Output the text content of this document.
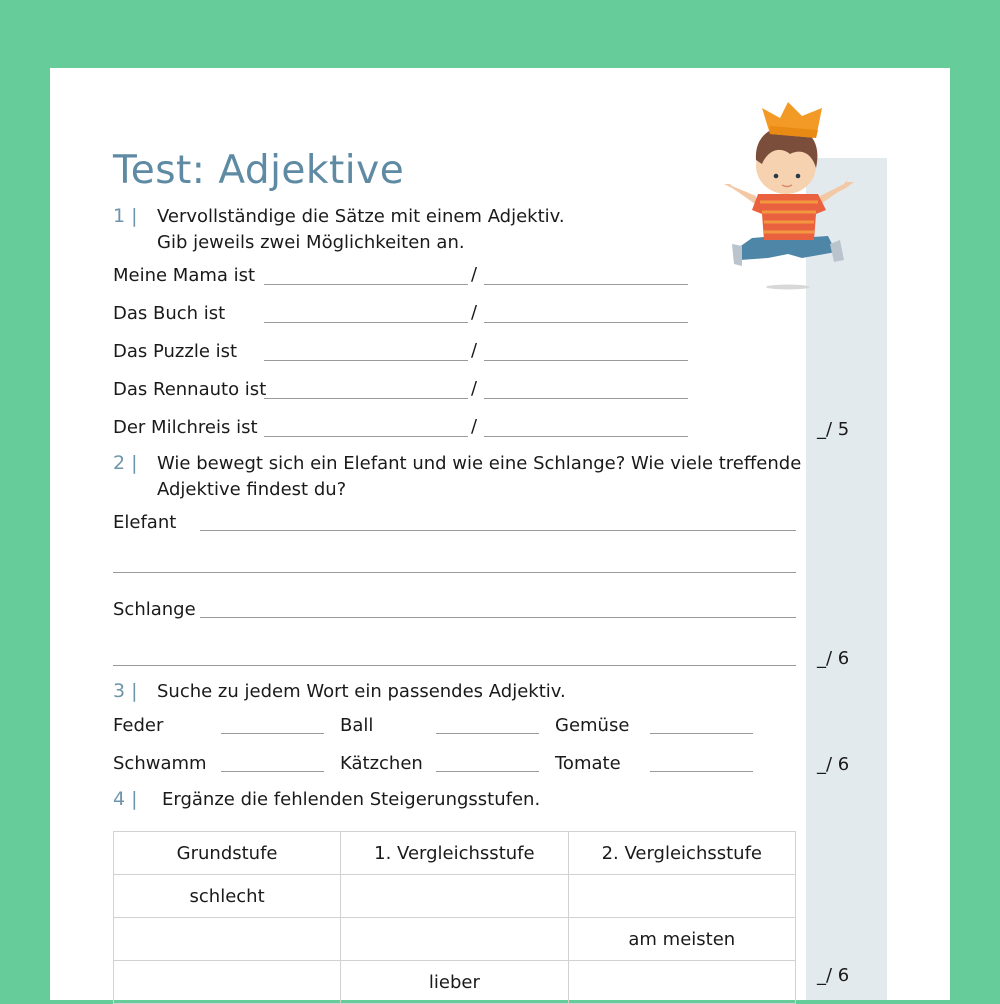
Test: Adjektive
1 | Vervollständige die Sätze mit einem Adjektiv.
Gib jeweils zwei Möglichkeiten an.
Meine Mama ist	/
Das Buch ist	/
Das Puzzle ist	/
Das Rennauto ist	/
Der Milchreis ist	/	_/ 5
2 | Wie bewegt sich ein Elefant und wie eine Schlange? Wie viele treffende
Adjektive findest du?
Elefant
Schlange
_/ 6
3 | Suche zu jedem Wort ein passendes Adjektiv.
Feder	Ball	Gemüse
Schwamm	Kätzchen	Tomate	_/ 6
4 | Ergänze die fehlenden Steigerungsstufen.
Grundstufe	1. Vergleichsstufe	2. Vergleichsstufe
schlecht		
		am meisten
	lieber		_/ 6
